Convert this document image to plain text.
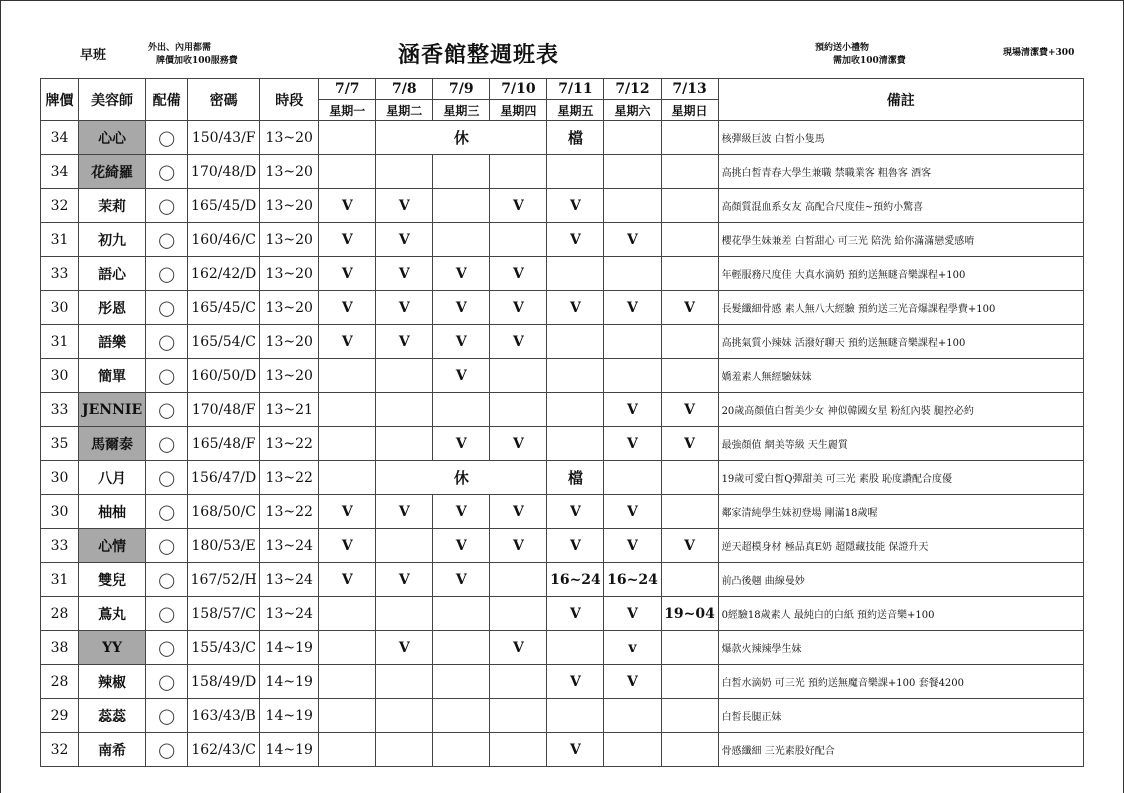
早班	外出、內用都需
牌價加收100服務費	涵香館整週班表	預約送小禮物
需加收100清潔費
現場清潔費+300
牌價	美容師	配備	密碼	時段	7/7	7/8	7/9	7/10	7/11	7/12	7/13	備註
					星期一	星期二	星期三	星期四	星期五	星期六	星期日	
34	心心	◯	150/43/F	13~20		休			檔			核彈級巨波 白皙小隻馬
34	花綺羅	◯	170/48/D	13~20								高挑白皙青春大學生兼職 禁職業客 粗魯客 酒客
32	茉莉	◯	165/45/D	13~20	V	V		V	V			高顏質混血系女友 高配合尺度佳~預約小驚喜
31	初九	◯	160/46/C	13~20	V	V			V	V		櫻花學生妹兼差 白皙甜心 可三光 陪洗 給你滿滿戀愛感唷
33	語心	◯	162/42/D	13~20	V	V	V	V				年輕服務尺度佳 大真水滴奶 預約送無瞇音樂課程+100
30	彤恩	◯	165/45/C	13~20	V	V	V	V	V	V	V	長髮纖細骨感 素人無八大經驗 預約送三光音爆課程學費+100
31	語樂	◯	165/54/C	13~20	V	V	V	V				高挑氣質小辣妹 活潑好聊天 預約送無瞇音樂課程+100
30	簡單	◯	160/50/D	13~20			V					嬌羞素人無經驗妹妹
33	JENNIE	◯	170/48/F	13~21						V	V	20歲高顏值白皙美少女 神似韓國女星 粉紅內裝 腿控必約
35	馬爾泰	◯	165/48/F	13~22			V	V		V	V	最強顏值 網美等級 天生麗質
30	八月	◯	156/47/D	13~22		休			檔			19歲可愛白皙Q彈甜美 可三光 素股 恥度讚配合度優
30	柚柚	◯	168/50/C	13~22	V	V	V	V	V	V		鄰家清純學生妹初登場 剛滿18歲喔
33	心情	◯	180/53/E	13~24	V		V	V	V	V	V	逆天超模身材 極品真E奶 超隱藏技能 保證升天
31	雙兒	◯	167/52/H	13~24	V	V	V		16~24	16~24		前凸後翹 曲線曼妙
28	蔦丸	◯	158/57/C	13~24					V	V	19~04	0經驗18歲素人 最純白的白紙 預約送音樂+100
38	YY	◯	155/43/C	14~19		V		V		v		爆款火辣辣學生妹
28	辣椒	◯	158/49/D	14~19					V	V		白皙水滴奶 可三光 預約送無魔音樂課+100 套餐4200
29	蕊蕊	◯	163/43/B	14~19								白皙長腿正妹
32	南希	◯	162/43/C	14~19					V			骨感纖細 三光素股好配合
